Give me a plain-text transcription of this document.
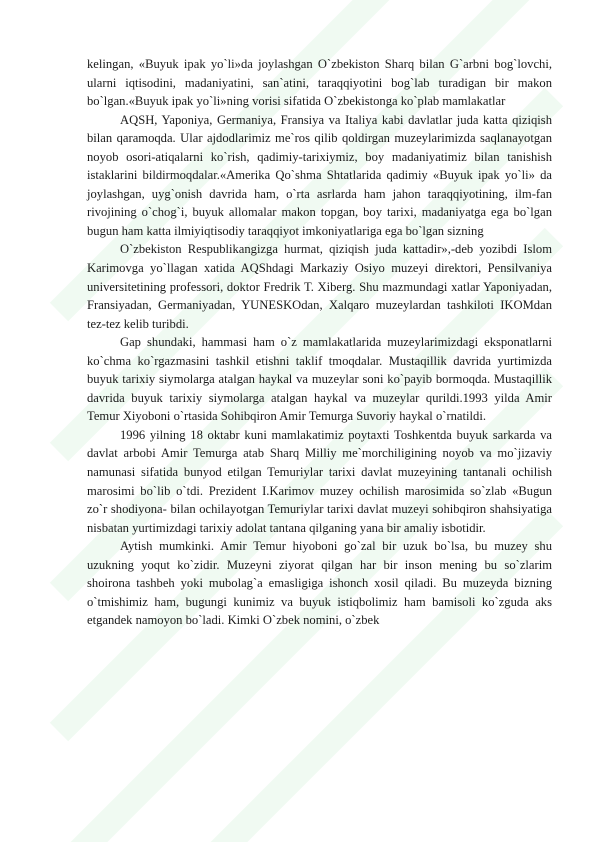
kelingan, «Buyuk ipak yo`li»da joylashgan O`zbekiston Sharq bilan G`arbni bog`lovchi, ularni iqtisodini, madaniyatini, san`atini, taraqqiyotini bog`lab turadigan bir makon bo`lgan.«Buyuk ipak yo`li»ning vorisi sifatida O`zbekistonga ko`plab mamlakatlar

AQSH, Yaponiya, Germaniya, Fransiya va Italiya kabi davlatlar juda katta qiziqish bilan qaramoqda. Ular ajdodlarimiz me`ros qilib qoldirgan muzeylarimizda saqlanayotgan noyob osori-atiqalarni ko`rish, qadimiy-tarixiymiz, boy madaniyatimiz bilan tanishish istaklarini bildirmoqdalar.«Amerika Qo`shma Shtatlarida qadimiy «Buyuk ipak yo`li» da joylashgan, uyg`onish davrida ham, o`rta asrlarda ham jahon taraqqiyotining, ilm-fan rivojining o`chog`i, buyuk allomalar makon topgan, boy tarixi, madaniyatga ega bo`lgan bugun ham katta ilmiyiqtisodiy taraqqiyot imkoniyatlariga ega bo`lgan sizning

O`zbekiston Respublikangizga hurmat, qiziqish juda kattadir»,-deb yozibdi Islom Karimovga yo`llagan xatida AQShdagi Markaziy Osiyo muzeyi direktori, Pensilvaniya universitetining professori, doktor Fredrik T. Xiberg. Shu mazmundagi xatlar Yaponiyadan, Fransiyadan, Germaniyadan, YUNESKOdan, Xalqaro muzeylardan tashkiloti IKOMdan tez-tez kelib turibdi.

Gap shundaki, hammasi ham o`z mamlakatlarida muzeylarimizdagi eksponatlarni ko`chma ko`rgazmasini tashkil etishni taklif tmoqdalar. Mustaqillik davrida yurtimizda buyuk tarixiy siymolarga atalgan haykal va muzeylar soni ko`payib bormoqda. Mustaqillik davrida buyuk tarixiy siymolarga atalgan haykal va muzeylar qurildi.1993 yilda Amir Temur Xiyoboni o`rtasida Sohibqiron Amir Temurga Suvoriy haykal o`rnatildi.

1996 yilning 18 oktabr kuni mamlakatimiz poytaxti Toshkentda buyuk sarkarda va davlat arbobi Amir Temurga atab Sharq Milliy me`morchiligining noyob va mo`jizaviy namunasi sifatida bunyod etilgan Temuriylar tarixi davlat muzeyining tantanali ochilish marosimi bo`lib o`tdi. Prezident I.Karimov muzey ochilish marosimida so`zlab «Bugun zo`r shodiyona- bilan ochilayotgan Temuriylar tarixi davlat muzeyi sohibqiron shahsiyatiga nisbatan yurtimizdagi tarixiy adolat tantana qilganing yana bir amaliy isbotidir.

Aytish mumkinki. Amir Temur hiyoboni go`zal bir uzuk bo`lsa, bu muzey shu uzukning yoqut ko`zidir. Muzeyni ziyorat qilgan har bir inson mening bu so`zlarim shoirona tashbeh yoki mubolag`a emasligiga ishonch xosil qiladi. Bu muzeyda bizning o`tmishimiz ham, bugungi kunimiz va buyuk istiqbolimiz ham bamisoli ko`zguda aks etgandek namoyon bo`ladi. Kimki O`zbek nomini, o`zbek
